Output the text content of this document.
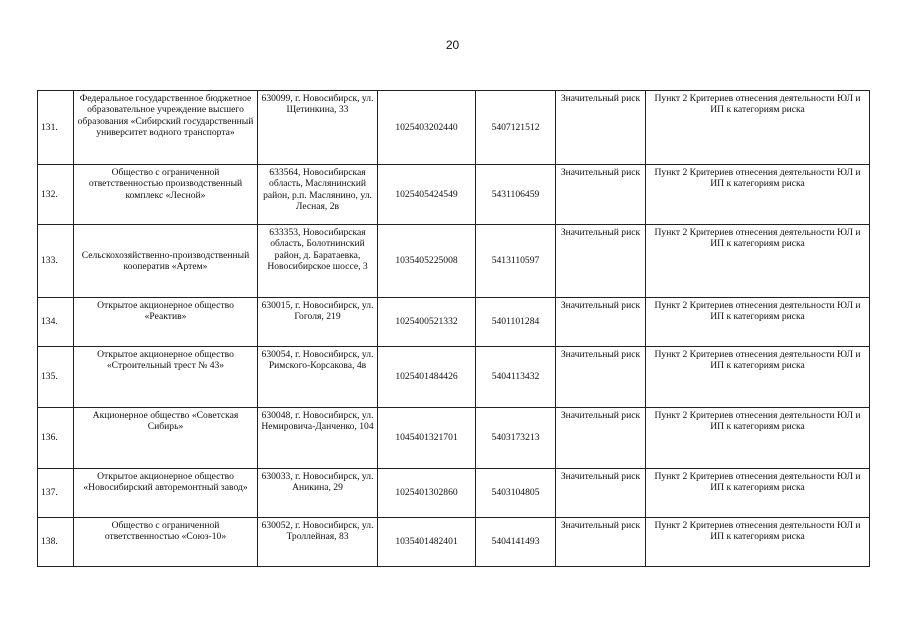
20
131.	Федеральное государственное бюджетное образовательное учреждение высшего образования «Сибирский государственный университет водного транспорта»	630099, г. Новосибирск, ул. Щетинкина, 33	1025403202440	5407121512	Значительный риск	Пункт 2 Критериев отнесения деятельности ЮЛ и ИП к категориям риска
132.	Общество с ограниченной ответственностью производственный комплекс «Лесной»	633564, Новосибирская область, Маслянинский район, р.п. Маслянино, ул. Лесная, 2в	1025405424549	5431106459	Значительный риск	Пункт 2 Критериев отнесения деятельности ЮЛ и ИП к категориям риска
133.	Сельскохозяйственно-производственный кооператив «Артем»	633353, Новосибирская область, Болотнинский район, д. Баратаевка, Новосибирское шоссе, 3	1035405225008	5413110597	Значительный риск	Пункт 2 Критериев отнесения деятельности ЮЛ и ИП к категориям риска
134.	Открытое акционерное общество «Реактив»	630015, г. Новосибирск, ул. Гоголя, 219	1025400521332	5401101284	Значительный риск	Пункт 2 Критериев отнесения деятельности ЮЛ и ИП к категориям риска
135.	Открытое акционерное общество «Строительный трест № 43»	630054, г. Новосибирск, ул. Римского-Корсакова, 4в	1025401484426	5404113432	Значительный риск	Пункт 2 Критериев отнесения деятельности ЮЛ и ИП к категориям риска
136.	Акционерное общество «Советская Сибирь»	630048, г. Новосибирск, ул. Немировича-Данченко, 104	1045401321701	5403173213	Значительный риск	Пункт 2 Критериев отнесения деятельности ЮЛ и ИП к категориям риска
137.	Открытое акционерное общество «Новосибирский авторемонтный завод»	630033, г. Новосибирск, ул. Аникина, 29	1025401302860	5403104805	Значительный риск	Пункт 2 Критериев отнесения деятельности ЮЛ и ИП к категориям риска
138.	Общество с ограниченной ответственностью «Союз-10»	630052, г. Новосибирск, ул. Троллейная, 83	1035401482401	5404141493	Значительный риск	Пункт 2 Критериев отнесения деятельности ЮЛ и ИП к категориям риска
